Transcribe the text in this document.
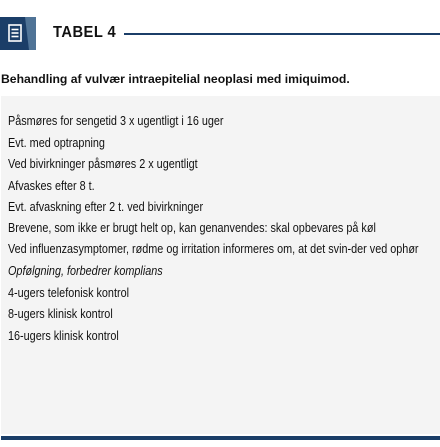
TABEL 4
Behandling af vulvær intraepitelial neoplasi med imiquimod.
Påsmøres for sengetid 3 x ugentligt i 16 uger
Evt. med optrapning
Ved bivirkninger påsmøres 2 x ugentligt
Afvaskes efter 8 t.
Evt. afvaskning efter 2 t. ved bivirkninger
Brevene, som ikke er brugt helt op, kan genanvendes: skal opbevares på køl
Ved influenzasymptomer, rødme og irritation informeres om, at det svin-der ved ophør
Opfølgning, forbedrer komplians
4-ugers telefonisk kontrol
8-ugers klinisk kontrol
16-ugers klinisk kontrol
